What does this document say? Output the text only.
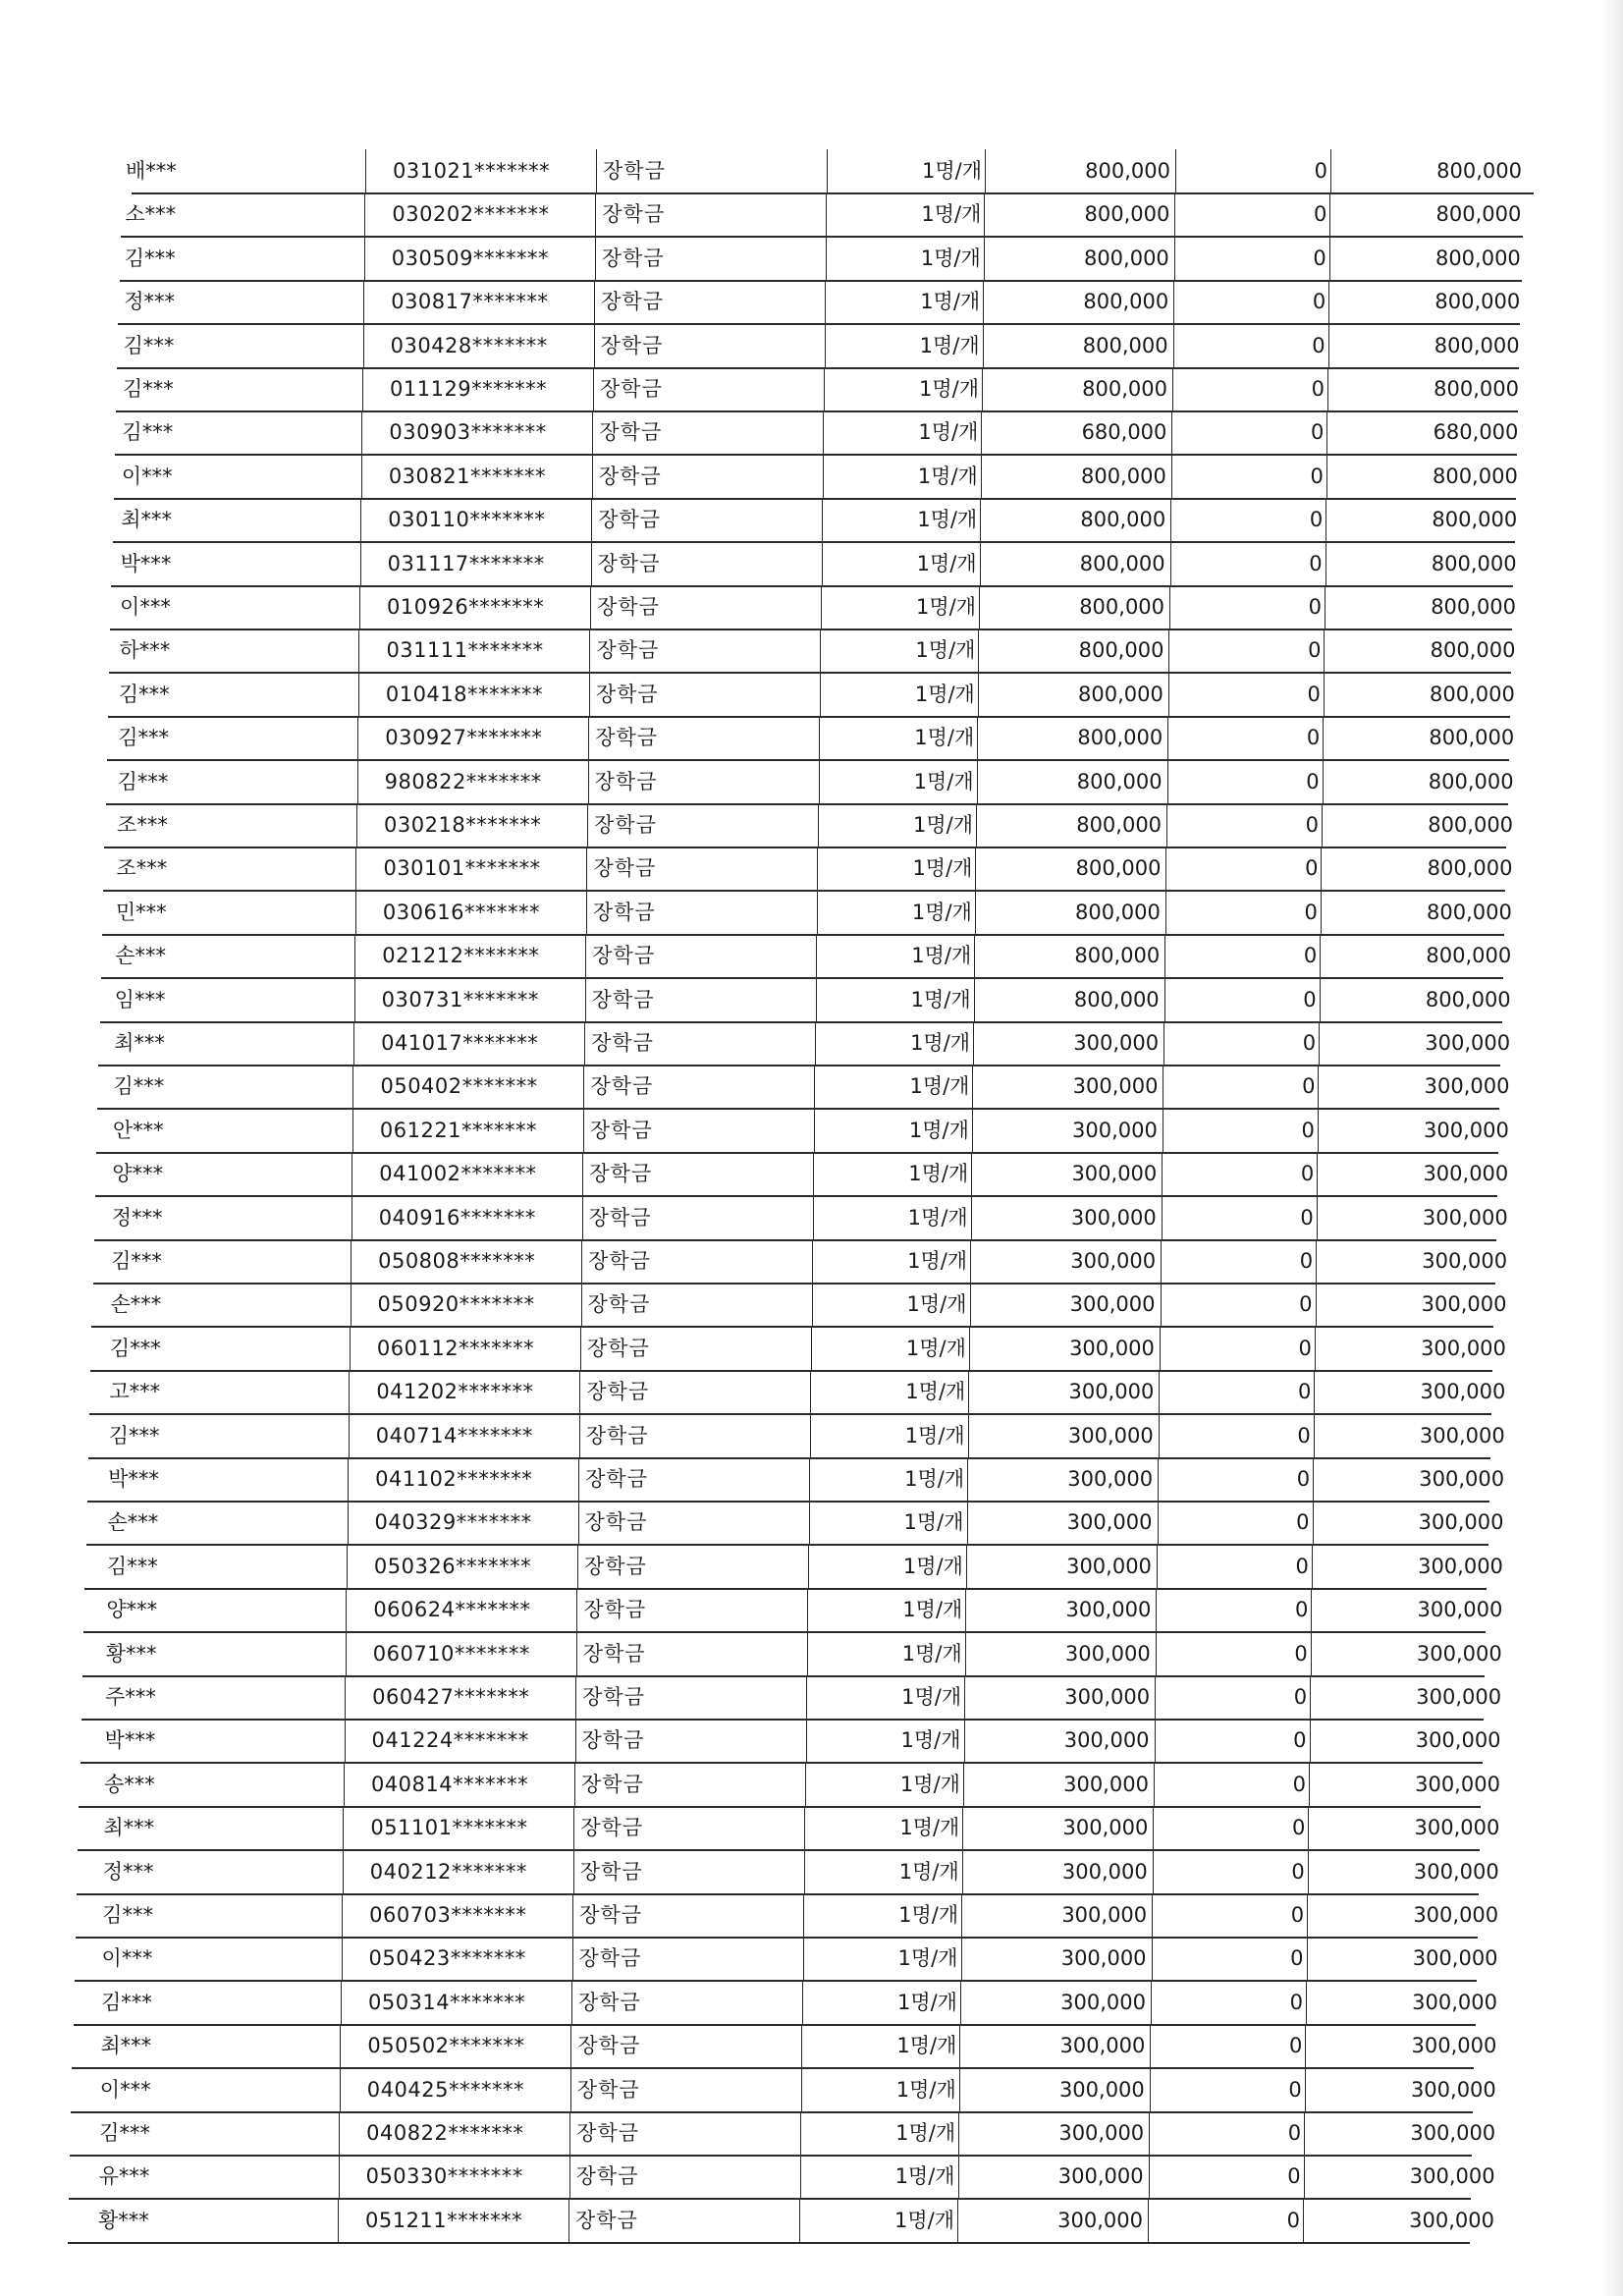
배***	031021*******	장학금	1명/개	800,000	0	800,000
소***	030202*******	장학금	1명/개	800,000	0	800,000
김***	030509*******	장학금	1명/개	800,000	0	800,000
정***	030817*******	장학금	1명/개	800,000	0	800,000
김***	030428*******	장학금	1명/개	800,000	0	800,000
김***	011129*******	장학금	1명/개	800,000	0	800,000
김***	030903*******	장학금	1명/개	680,000	0	680,000
이***	030821*******	장학금	1명/개	800,000	0	800,000
최***	030110*******	장학금	1명/개	800,000	0	800,000
박***	031117*******	장학금	1명/개	800,000	0	800,000
이***	010926*******	장학금	1명/개	800,000	0	800,000
하***	031111*******	장학금	1명/개	800,000	0	800,000
김***	010418*******	장학금	1명/개	800,000	0	800,000
김***	030927*******	장학금	1명/개	800,000	0	800,000
김***	980822*******	장학금	1명/개	800,000	0	800,000
조***	030218*******	장학금	1명/개	800,000	0	800,000
조***	030101*******	장학금	1명/개	800,000	0	800,000
민***	030616*******	장학금	1명/개	800,000	0	800,000
손***	021212*******	장학금	1명/개	800,000	0	800,000
임***	030731*******	장학금	1명/개	800,000	0	800,000
최***	041017*******	장학금	1명/개	300,000	0	300,000
김***	050402*******	장학금	1명/개	300,000	0	300,000
안***	061221*******	장학금	1명/개	300,000	0	300,000
양***	041002*******	장학금	1명/개	300,000	0	300,000
정***	040916*******	장학금	1명/개	300,000	0	300,000
김***	050808*******	장학금	1명/개	300,000	0	300,000
손***	050920*******	장학금	1명/개	300,000	0	300,000
김***	060112*******	장학금	1명/개	300,000	0	300,000
고***	041202*******	장학금	1명/개	300,000	0	300,000
김***	040714*******	장학금	1명/개	300,000	0	300,000
박***	041102*******	장학금	1명/개	300,000	0	300,000
손***	040329*******	장학금	1명/개	300,000	0	300,000
김***	050326*******	장학금	1명/개	300,000	0	300,000
양***	060624*******	장학금	1명/개	300,000	0	300,000
황***	060710*******	장학금	1명/개	300,000	0	300,000
주***	060427*******	장학금	1명/개	300,000	0	300,000
박***	041224*******	장학금	1명/개	300,000	0	300,000
송***	040814*******	장학금	1명/개	300,000	0	300,000
최***	051101*******	장학금	1명/개	300,000	0	300,000
정***	040212*******	장학금	1명/개	300,000	0	300,000
김***	060703*******	장학금	1명/개	300,000	0	300,000
이***	050423*******	장학금	1명/개	300,000	0	300,000
김***	050314*******	장학금	1명/개	300,000	0	300,000
최***	050502*******	장학금	1명/개	300,000	0	300,000
이***	040425*******	장학금	1명/개	300,000	0	300,000
김***	040822*******	장학금	1명/개	300,000	0	300,000
유***	050330*******	장학금	1명/개	300,000	0	300,000
황***	051211*******	장학금	1명/개	300,000	0	300,000
